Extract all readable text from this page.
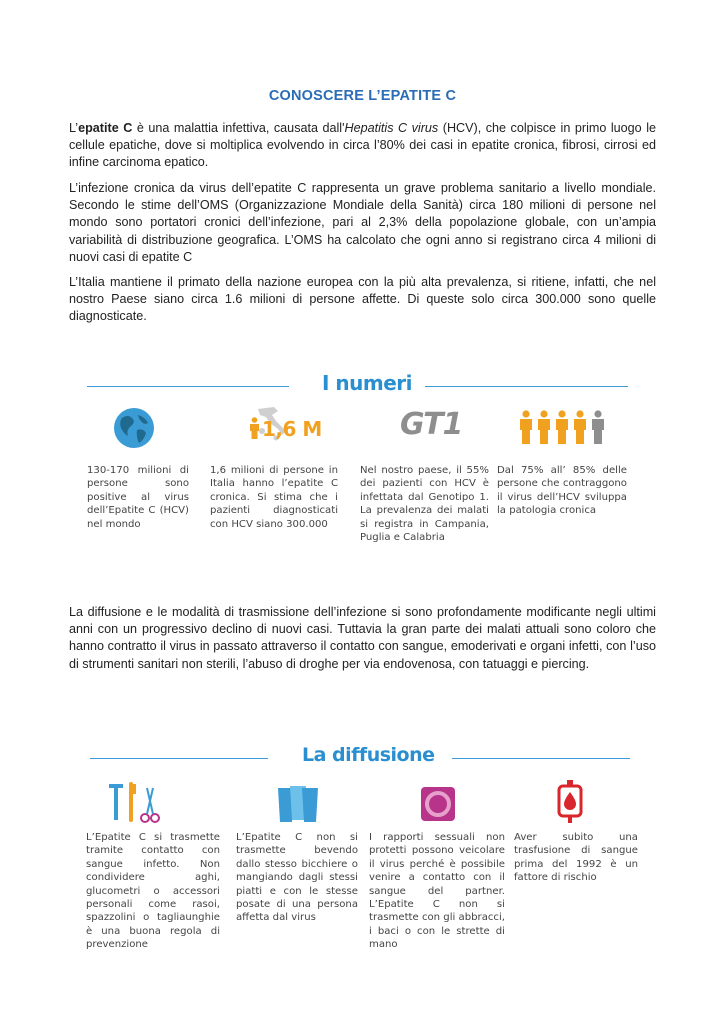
CONOSCERE L’EPATITE C

L’epatite C è una malattia infettiva, causata dall'Hepatitis C virus (HCV), che colpisce in primo luogo le cellule epatiche, dove si moltiplica evolvendo in circa l’80% dei casi in epatite cronica, fibrosi, cirrosi ed infine carcinoma epatico.

L’infezione cronica da virus dell’epatite C rappresenta un grave problema sanitario a livello mondiale. Secondo le stime dell’OMS (Organizzazione Mondiale della Sanità) circa 180 milioni di persone nel mondo sono portatori cronici dell’infezione, pari al 2,3% della popolazione globale, con un’ampia variabilità di distribuzione geografica. L’OMS ha calcolato che ogni anno si registrano circa 4 milioni di nuovi casi di epatite C

L’Italia mantiene il primato della nazione europea con la più alta prevalenza, si ritiene, infatti, che nel nostro Paese siano circa 1.6 milioni di persone affette. Di queste solo circa 300.000 sono quelle diagnosticate.

I numeri
1,6 M	GT1

130-170 milioni di persone sono positive al virus dell’Epatite C (HCV) nel mondo

1,6 milioni di persone in Italia hanno l’epatite C cronica. Si stima che i pazienti diagnosticati con HCV siano 300.000

Nel nostro paese, il 55% dei pazienti con HCV è infettata dal Genotipo 1. La prevalenza dei malati si registra in Campania, Puglia e Calabria

Dal 75% all’ 85% delle persone che contraggono il virus dell’HCV sviluppa la patologia cronica

La diffusione e le modalità di trasmissione dell’infezione si sono profondamente modificante negli ultimi anni con un progressivo declino di nuovi casi. Tuttavia la gran parte dei malati attuali sono coloro che hanno contratto il virus in passato attraverso il contatto con sangue, emoderivati e organi infetti, con l’uso di strumenti sanitari non sterili, l’abuso di droghe per via endovenosa, con tatuaggi e piercing.

La diffusione

L’Epatite C si trasmette tramite contatto con sangue infetto. Non condividere aghi, glucometri o accessori personali come rasoi, spazzolini o tagliaunghie è una buona regola di prevenzione

L’Epatite C non si trasmette bevendo dallo stesso bicchiere o mangiando dagli stessi piatti e con le stesse posate di una persona affetta dal virus

I rapporti sessuali non protetti possono veicolare il virus perché è possibile venire a contatto con il sangue del partner. L’Epatite C non si trasmette con gli abbracci, i baci o con le strette di mano

Aver subito una trasfusione di sangue prima del 1992 è un fattore di rischio
